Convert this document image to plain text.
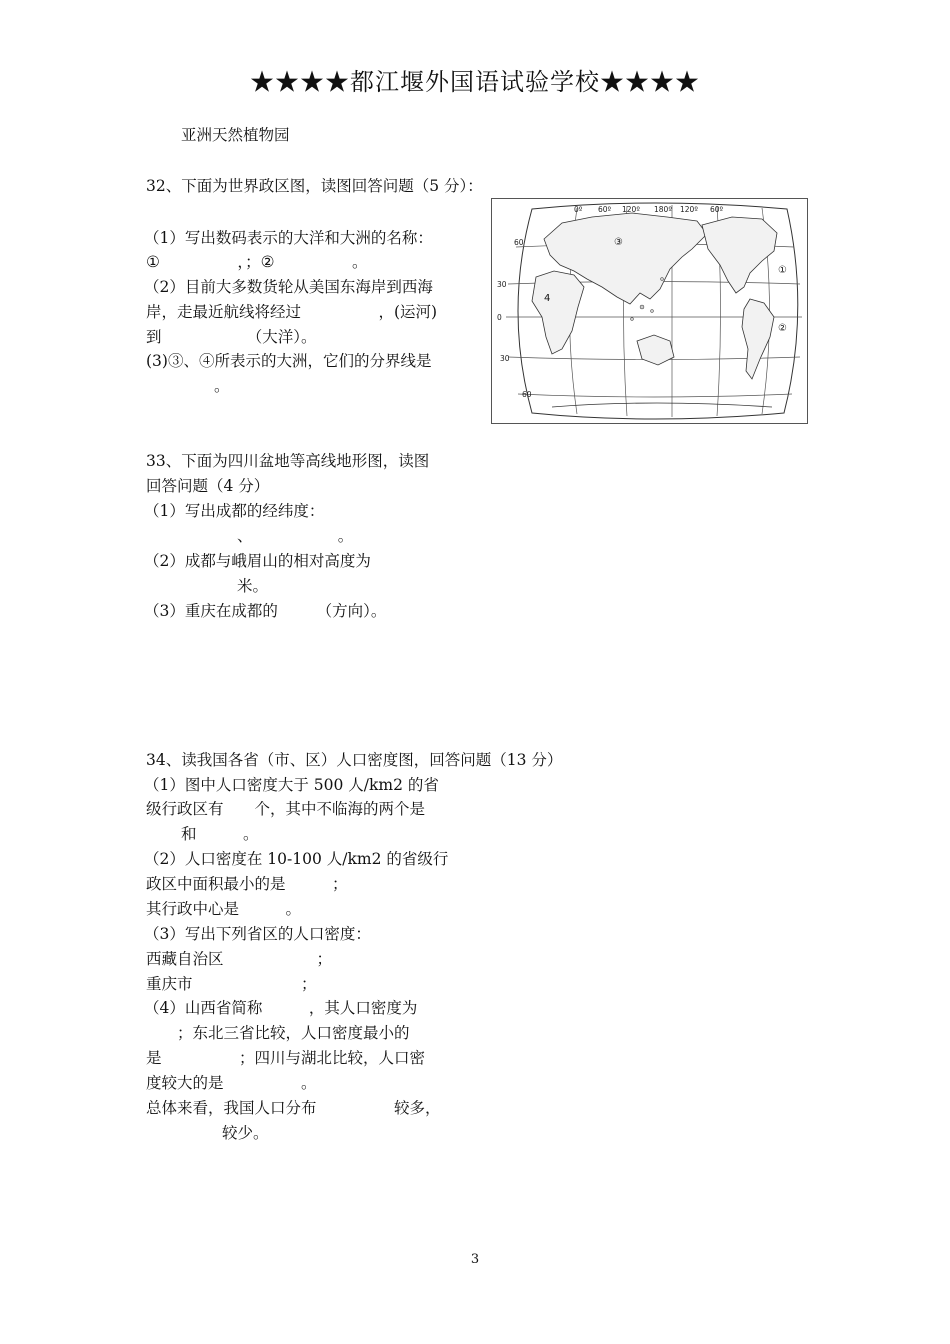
★★★★都江堰外国语试验学校★★★★
亚洲天然植物园
32、下面为世界政区图，读图回答问题（5 分）：
（1）写出数码表示的大洋和大洲的名称：
①　　　　　，；②　　　　　。
（2）目前大多数货轮从美国东海岸到西海
岸，走最近航线将经过　　　　　，(运河)
到　　　　　　（大洋）。
(3)③、④所表示的大洲，它们的分界线是
。
0º 60º 120º 180º 120º 60º
60
30
0
30
60
①
②
③
4
33、下面为四川盆地等高线地形图，读图
回答问题（4 分）
（1）写出成都的经纬度：
、　　　　　　。
（2）成都与峨眉山的相对高度为
米。
（3）重庆在成都的　　　（方向）。
34、读我国各省（市、区）人口密度图，回答问题（13 分）
（1）图中人口密度大于 500 人/km2 的省
级行政区有　　个，其中不临海的两个是
和　　　。
（2）人口密度在 10-100 人/km2 的省级行
政区中面积最小的是　　　；
其行政中心是　　　。
（3）写出下列省区的人口密度：
西藏自治区　　　　　　；
重庆市　　　　　　　；
（4）山西省简称　　　，其人口密度为
　　；东北三省比较，人口密度最小的
是　　　　　；四川与湖北比较，人口密
度较大的是　　　　　。
总体来看，我国人口分布　　　　　较多，
较少。
3
